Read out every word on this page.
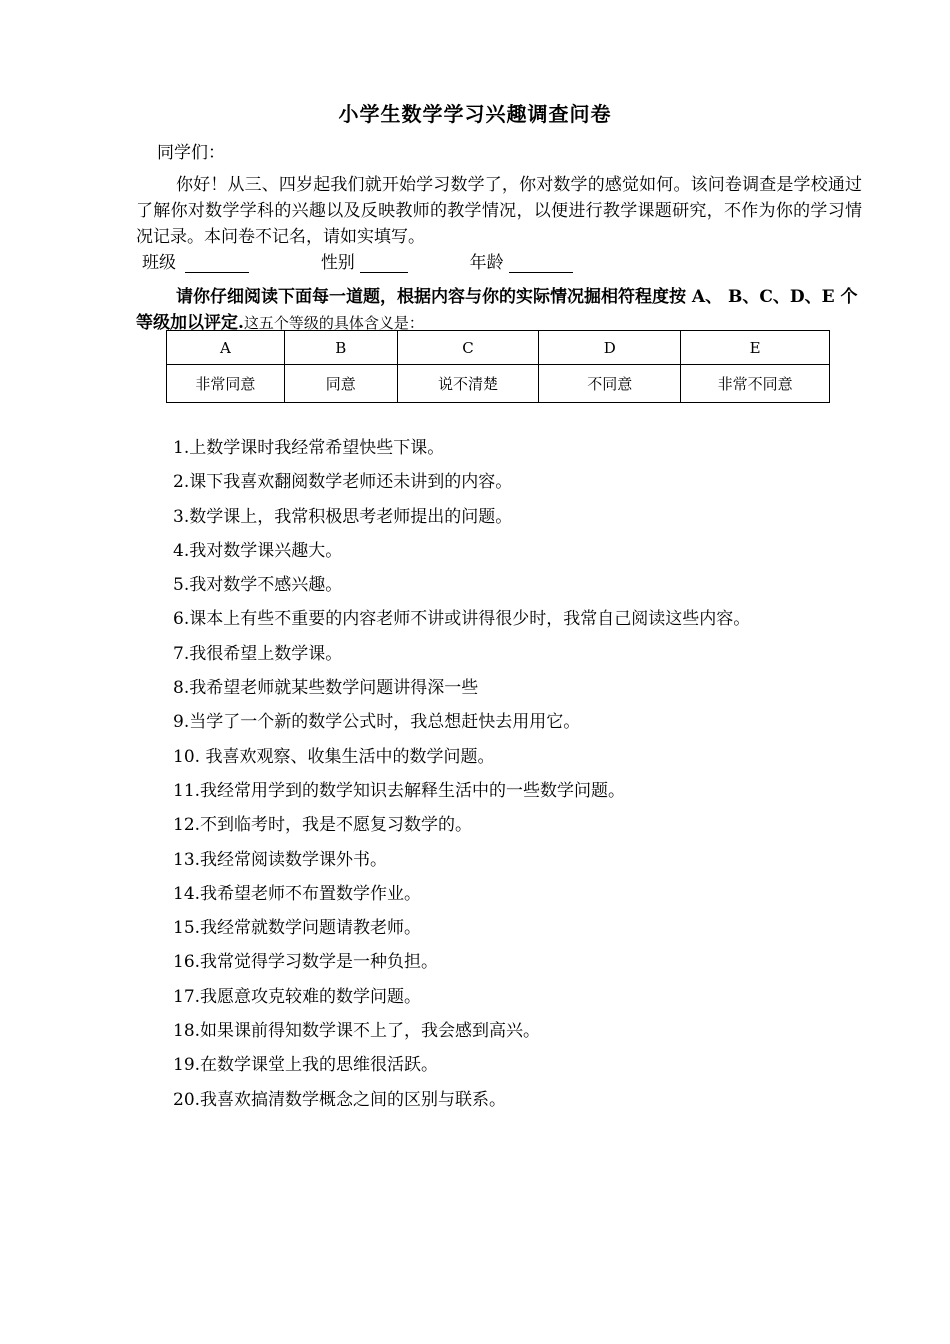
小学生数学学习兴趣调查问卷
同学们：
你好！从三、四岁起我们就开始学习数学了，你对数学的感觉如何。该问卷调查是学校通过了解你对数学学科的兴趣以及反映教师的教学情况，以便进行教学课题研究，不作为你的学习情况记录。本问卷不记名，请如实填写。
班级	性别	年龄
请你仔细阅读下面每一道题，根据内容与你的实际情况掘相符程度按 A、 B、C、D、E 个等级加以评定.这五个等级的具体含义是：
A	B	C	D	E
非常同意	同意	说不清楚	不同意	非常不同意
1.上数学课时我经常希望快些下课。
2.课下我喜欢翻阅数学老师还未讲到的内容。
3.数学课上，我常积极思考老师提出的问题。
4.我对数学课兴趣大。
5.我对数学不感兴趣。
6.课本上有些不重要的内容老师不讲或讲得很少时，我常自己阅读这些内容。
7.我很希望上数学课。
8.我希望老师就某些数学问题讲得深一些
9.当学了一个新的数学公式时，我总想赶快去用用它。
10. 我喜欢观察、收集生活中的数学问题。
11.我经常用学到的数学知识去解释生活中的一些数学问题。
12.不到临考时，我是不愿复习数学的。
13.我经常阅读数学课外书。
14.我希望老师不布置数学作业。
15.我经常就数学问题请教老师。
16.我常觉得学习数学是一种负担。
17.我愿意攻克较难的数学问题。
18.如果课前得知数学课不上了，我会感到高兴。
19.在数学课堂上我的思维很活跃。
20.我喜欢搞清数学概念之间的区别与联系。
